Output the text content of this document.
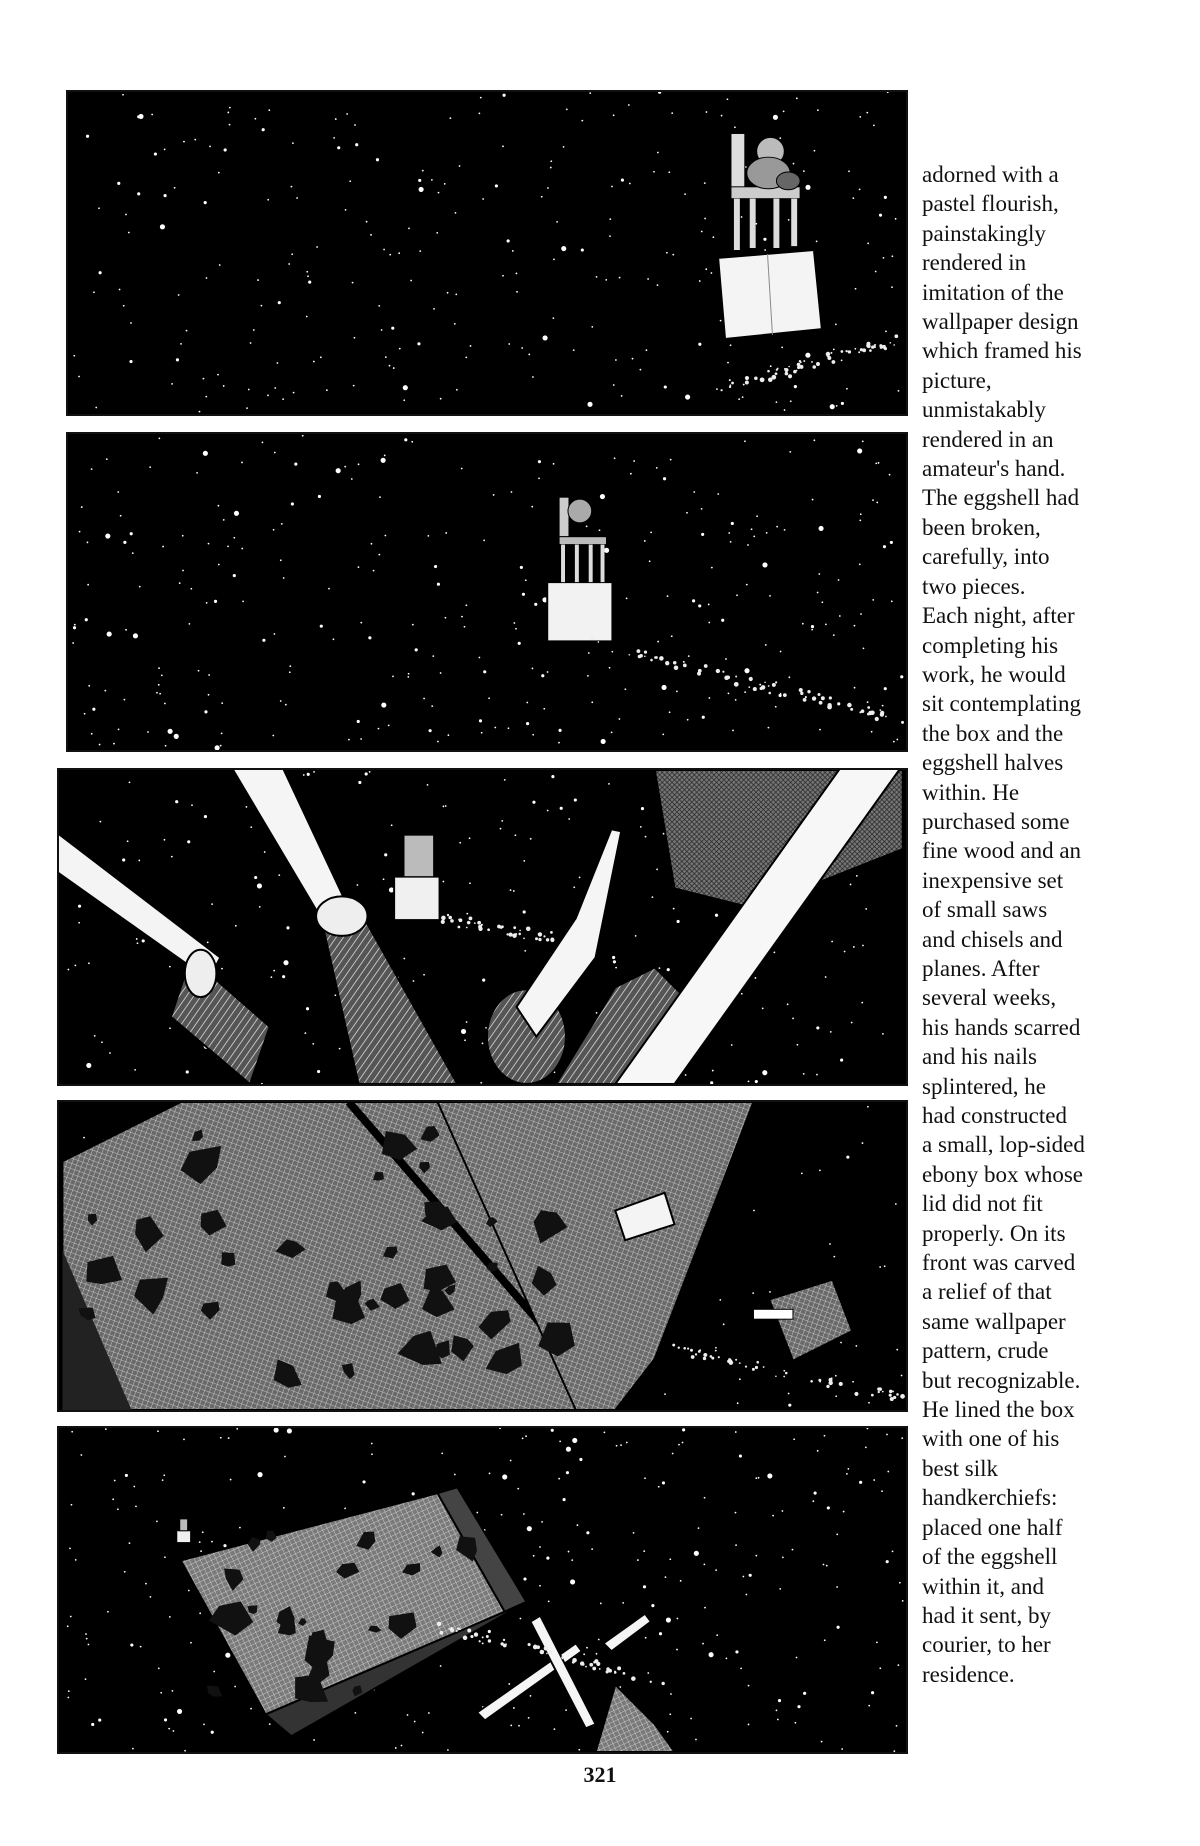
adorned with a
pastel flourish,
painstakingly
rendered in
imitation of the
wallpaper design
which framed his
picture,
unmistakably
rendered in an
amateur's hand.
The eggshell had
been broken,
carefully, into
two pieces.
Each night, after
completing his
work, he would
sit contemplating
the box and the
eggshell halves
within. He
purchased some
fine wood and an
inexpensive set
of small saws
and chisels and
planes. After
several weeks,
his hands scarred
and his nails
splintered, he
had constructed
a small, lop-sided
ebony box whose
lid did not fit
properly. On its
front was carved
a relief of that
same wallpaper
pattern, crude
but recognizable.
He lined the box
with one of his
best silk
handkerchiefs:
placed one half
of the eggshell
within it, and
had it sent, by
courier, to her
residence.
321
